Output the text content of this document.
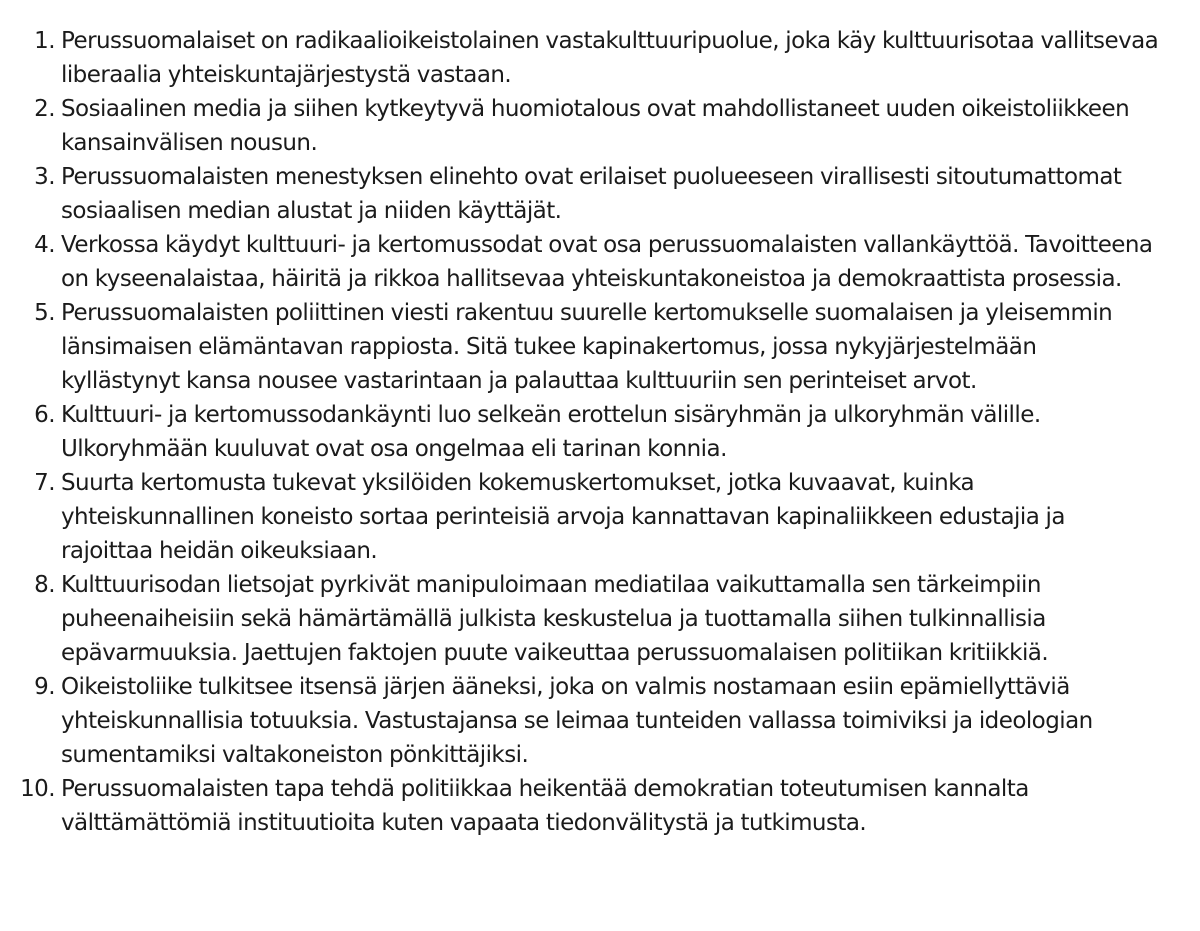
1. Perussuomalaiset on radikaalioikeistolainen vastakulttuuripuolue, joka käy kulttuurisotaa vallitsevaa liberaalia yhteiskuntajärjestystä vastaan.
2. Sosiaalinen media ja siihen kytkeytyvä huomiotalous ovat mahdollistaneet uuden oikeistoliikkeen kansainvälisen nousun.
3. Perussuomalaisten menestyksen elinehto ovat erilaiset puolueeseen virallisesti sitoutumattomat sosiaalisen median alustat ja niiden käyttäjät.
4. Verkossa käydyt kulttuuri- ja kertomussodat ovat osa perussuomalaisten vallankäyttöä. Tavoitteena on kyseenalaistaa, häiritä ja rikkoa hallitsevaa yhteiskuntakoneistoa ja demokraattista prosessia.
5. Perussuomalaisten poliittinen viesti rakentuu suurelle kertomukselle suomalaisen ja yleisemmin länsimaisen elämäntavan rappiosta. Sitä tukee kapinakertomus, jossa nykyjärjestelmään kyllästynyt kansa nousee vastarintaan ja palauttaa kulttuuriin sen perinteiset arvot.
6. Kulttuuri- ja kertomussodankäynti luo selkeän erottelun sisäryhmän ja ulkoryhmän välille. Ulkoryhmään kuuluvat ovat osa ongelmaa eli tarinan konnia.
7. Suurta kertomusta tukevat yksilöiden kokemuskertomukset, jotka kuvaavat, kuinka yhteiskunnallinen koneisto sortaa perinteisiä arvoja kannattavan kapinaliikkeen edustajia ja rajoittaa heidän oikeuksiaan.
8. Kulttuurisodan lietsojat pyrkivät manipuloimaan mediatilaa vaikuttamalla sen tärkeimpiin puheenaiheisiin sekä hämärtämällä julkista keskustelua ja tuottamalla siihen tulkinnallisia epävarmuuksia. Jaettujen faktojen puute vaikeuttaa perussuomalaisen politiikan kritiikkiä.
9. Oikeistoliike tulkitsee itsensä järjen ääneksi, joka on valmis nostamaan esiin epämiellyttäviä yhteiskunnallisia totuuksia. Vastustajansa se leimaa tunteiden vallassa toimiviksi ja ideologian sumentamiksi valtakoneiston pönkittäjiksi.
10. Perussuomalaisten tapa tehdä politiikkaa heikentää demokratian toteutumisen kannalta välttämättömiä instituutioita kuten vapaata tiedonvälitystä ja tutkimusta.
